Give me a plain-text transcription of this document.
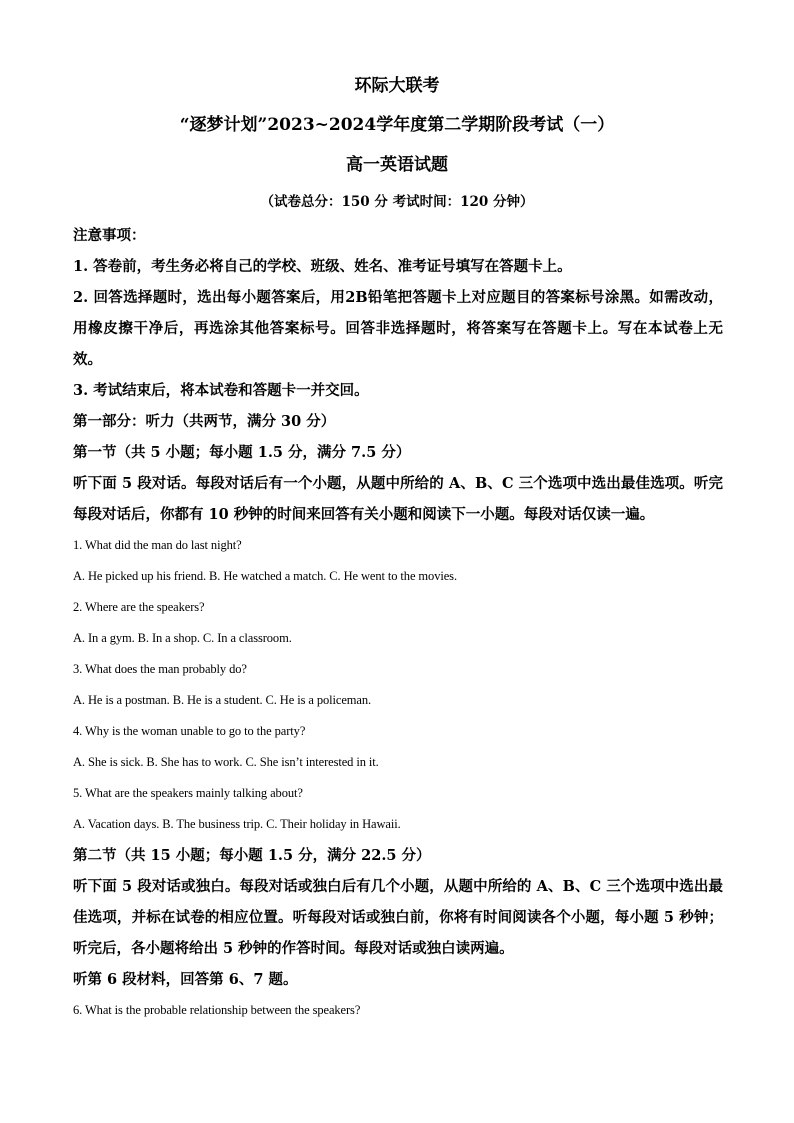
环际大联考
“逐梦计划”2023~2024学年度第二学期阶段考试（一）
高一英语试题
（试卷总分：150 分 考试时间：120 分钟）

注意事项：

1. 答卷前，考生务必将自己的学校、班级、姓名、准考证号填写在答题卡上。

2. 回答选择题时，选出每小题答案后，用2B铅笔把答题卡上对应题目的答案标号涂黑。如需改动，用橡皮擦干净后，再选涂其他答案标号。回答非选择题时，将答案写在答题卡上。写在本试卷上无效。

3. 考试结束后，将本试卷和答题卡一并交回。

第一部分：听力（共两节，满分 30 分）

第一节（共 5 小题；每小题 1.5 分，满分 7.5 分）

听下面 5 段对话。每段对话后有一个小题，从题中所给的 A、B、C 三个选项中选出最佳选项。听完每段对话后，你都有 10 秒钟的时间来回答有关小题和阅读下一小题。每段对话仅读一遍。

1. What did the man do last night?

A. He picked up his friend. B. He watched a match. C. He went to the movies.

2. Where are the speakers?

A. In a gym. B. In a shop. C. In a classroom.

3. What does the man probably do?

A. He is a postman. B. He is a student. C. He is a policeman.

4. Why is the woman unable to go to the party?

A. She is sick. B. She has to work. C. She isn’t interested in it.

5. What are the speakers mainly talking about?

A. Vacation days. B. The business trip. C. Their holiday in Hawaii.

第二节（共 15 小题；每小题 1.5 分，满分 22.5 分）

听下面 5 段对话或独白。每段对话或独白后有几个小题，从题中所给的 A、B、C 三个选项中选出最佳选项，并标在试卷的相应位置。听每段对话或独白前，你将有时间阅读各个小题，每小题 5 秒钟；听完后，各小题将给出 5 秒钟的作答时间。每段对话或独白读两遍。

听第 6 段材料，回答第 6、7 题。

6. What is the probable relationship between the speakers?
